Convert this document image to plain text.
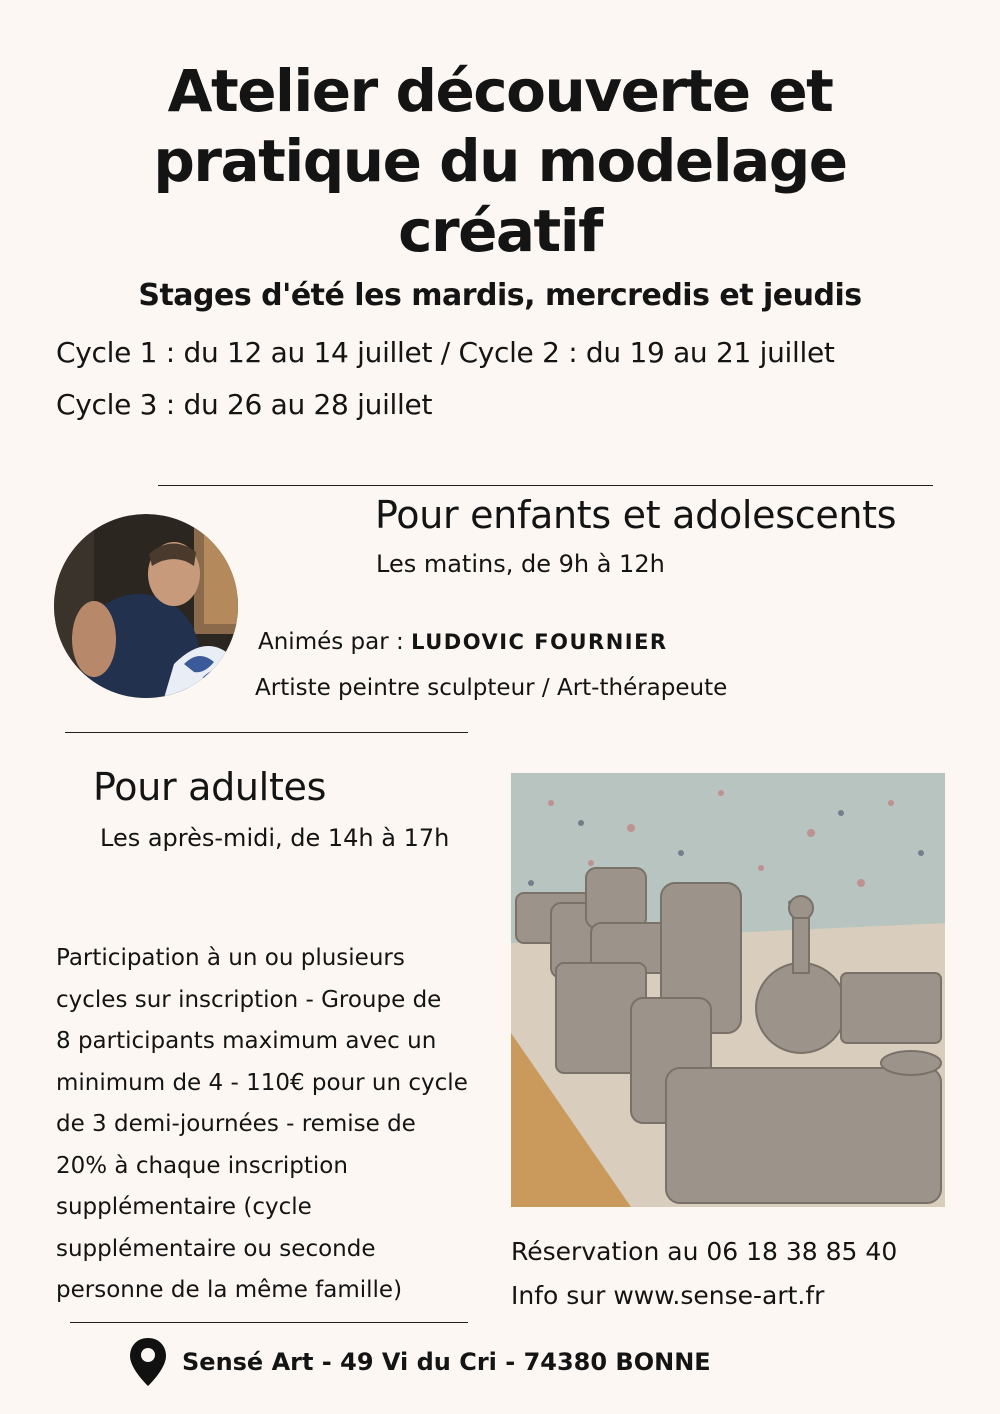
Atelier découverte et
pratique du modelage
créatif
Stages d'été les mardis, mercredis et jeudis
Cycle 1 : du 12 au 14 juillet / Cycle 2 : du 19 au 21 juillet
Cycle 3 : du 26 au 28 juillet
Pour enfants et adolescents
Les matins, de 9h à 12h
Animés par : LUDOVIC FOURNIER
Artiste peintre sculpteur / Art-thérapeute
Pour adultes
Les après-midi, de 14h à 17h
Participation à un ou plusieurs
cycles sur inscription - Groupe de
8 participants maximum avec un
minimum de 4 - 110€ pour un cycle
de 3 demi-journées - remise de
20% à chaque inscription
supplémentaire (cycle
supplémentaire ou seconde
personne de la même famille)
Réservation au 06 18 38 85 40
Info sur www.sense-art.fr
Sensé Art - 49 Vi du Cri - 74380 BONNE
